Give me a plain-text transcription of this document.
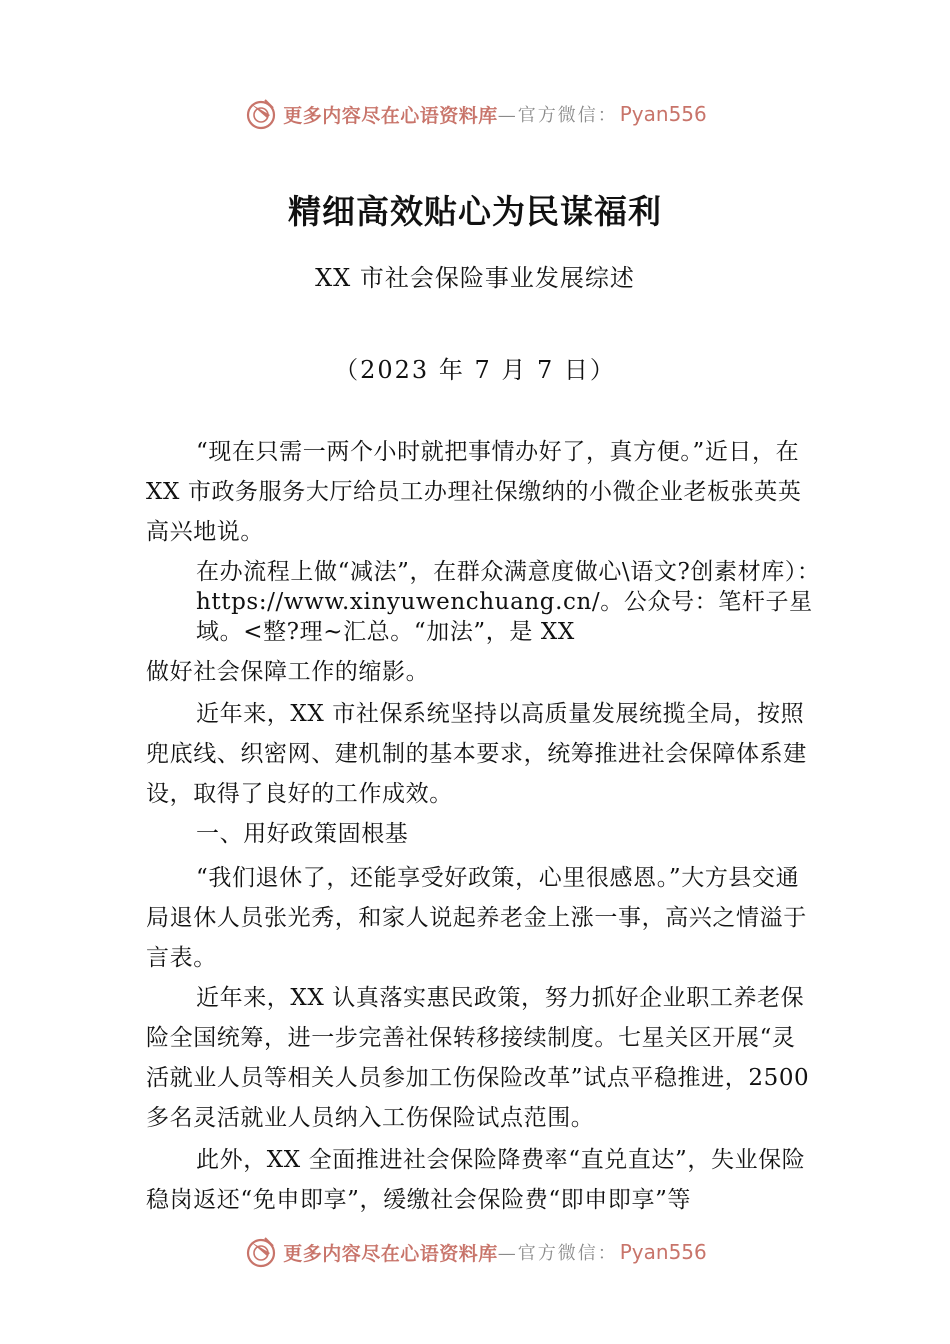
更多内容尽在心语资料库 —官方微信： Pyan556
精细高效贴心为民谋福利
XX 市社会保险事业发展综述
（2023 年 7 月 7 日）

“现在只需一两个小时就把事情办好了，真方便。”近日，在 XX 市政务服务大厅给员工办理社保缴纳的小微企业老板张英英高兴地说。

在办流程上做“减法”，在群众满意度做心\语文?创素材库）：https://www.xinyuwenchuang.cn/。公众号：笔杆子星域。<整?理~汇总。“加法”，是 XX

做好社会保障工作的缩影。

近年来，XX 市社保系统坚持以高质量发展统揽全局，按照兜底线、织密网、建机制的基本要求，统筹推进社会保障体系建设，取得了良好的工作成效。

一、用好政策固根基

“我们退休了，还能享受好政策，心里很感恩。”大方县交通局退休人员张光秀，和家人说起养老金上涨一事，高兴之情溢于言表。

近年来，XX 认真落实惠民政策，努力抓好企业职工养老保险全国统筹，进一步完善社保转移接续制度。七星关区开展“灵活就业人员等相关人员参加工伤保险改革”试点平稳推进，2500 多名灵活就业人员纳入工伤保险试点范围。

此外，XX 全面推进社会保险降费率“直兑直达”，失业保险稳岗返还“免申即享”，缓缴社会保险费“即申即享”等

更多内容尽在心语资料库 —官方微信： Pyan556
